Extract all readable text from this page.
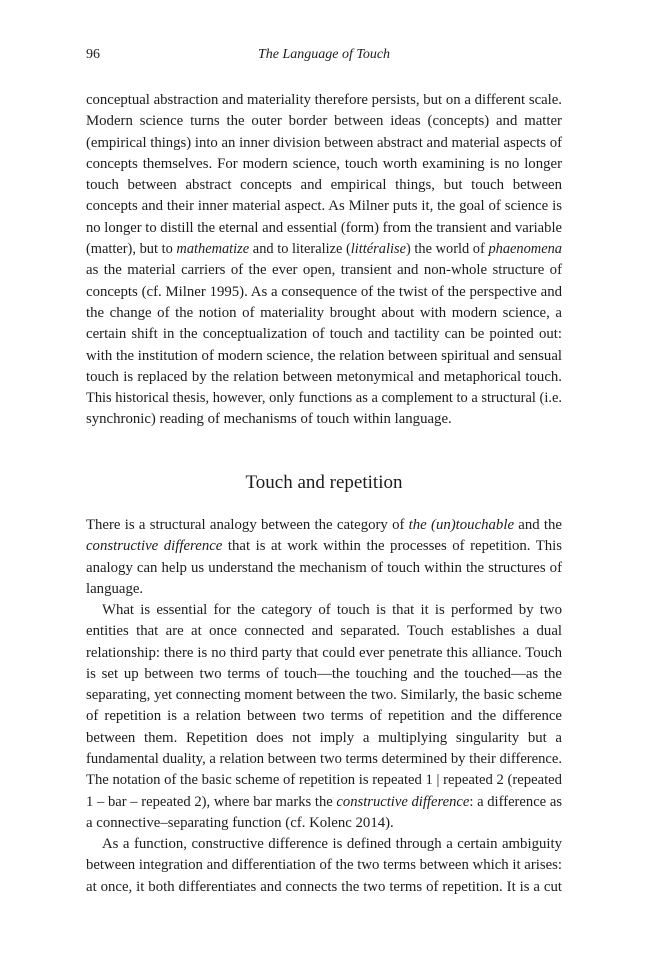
96	The Language of Touch
conceptual abstraction and materiality therefore persists, but on a different scale.
Modern science turns the outer border between ideas (concepts) and matter
(empirical things) into an inner division between abstract and material aspects of
concepts themselves. For modern science, touch worth examining is no longer
touch between abstract concepts and empirical things, but touch between
concepts and their inner material aspect. As Milner puts it, the goal of science is
no longer to distill the eternal and essential (form) from the transient and variable
(matter), but to mathematize and to literalize (littéralise) the world of phaenomena
as the material carriers of the ever open, transient and non-whole structure of
concepts (cf. Milner 1995). As a consequence of the twist of the perspective and
the change of the notion of materiality brought about with modern science, a
certain shift in the conceptualization of touch and tactility can be pointed out:
with the institution of modern science, the relation between spiritual and sensual
touch is replaced by the relation between metonymical and metaphorical touch.
This historical thesis, however, only functions as a complement to a structural (i.e.
synchronic) reading of mechanisms of touch within language.
Touch and repetition
There is a structural analogy between the category of the (un)touchable and the
constructive difference that is at work within the processes of repetition. This
analogy can help us understand the mechanism of touch within the structures of
language.
What is essential for the category of touch is that it is performed by two
entities that are at once connected and separated. Touch establishes a dual
relationship: there is no third party that could ever penetrate this alliance. Touch
is set up between two terms of touch—the touching and the touched—as the
separating, yet connecting moment between the two. Similarly, the basic scheme
of repetition is a relation between two terms of repetition and the difference
between them. Repetition does not imply a multiplying singularity but a
fundamental duality, a relation between two terms determined by their difference.
The notation of the basic scheme of repetition is repeated 1 | repeated 2 (repeated
1 – bar – repeated 2), where bar marks the constructive difference: a difference as
a connective–separating function (cf. Kolenc 2014).
As a function, constructive difference is defined through a certain ambiguity
between integration and differentiation of the two terms between which it arises:
at once, it both differentiates and connects the two terms of repetition. It is a cut
